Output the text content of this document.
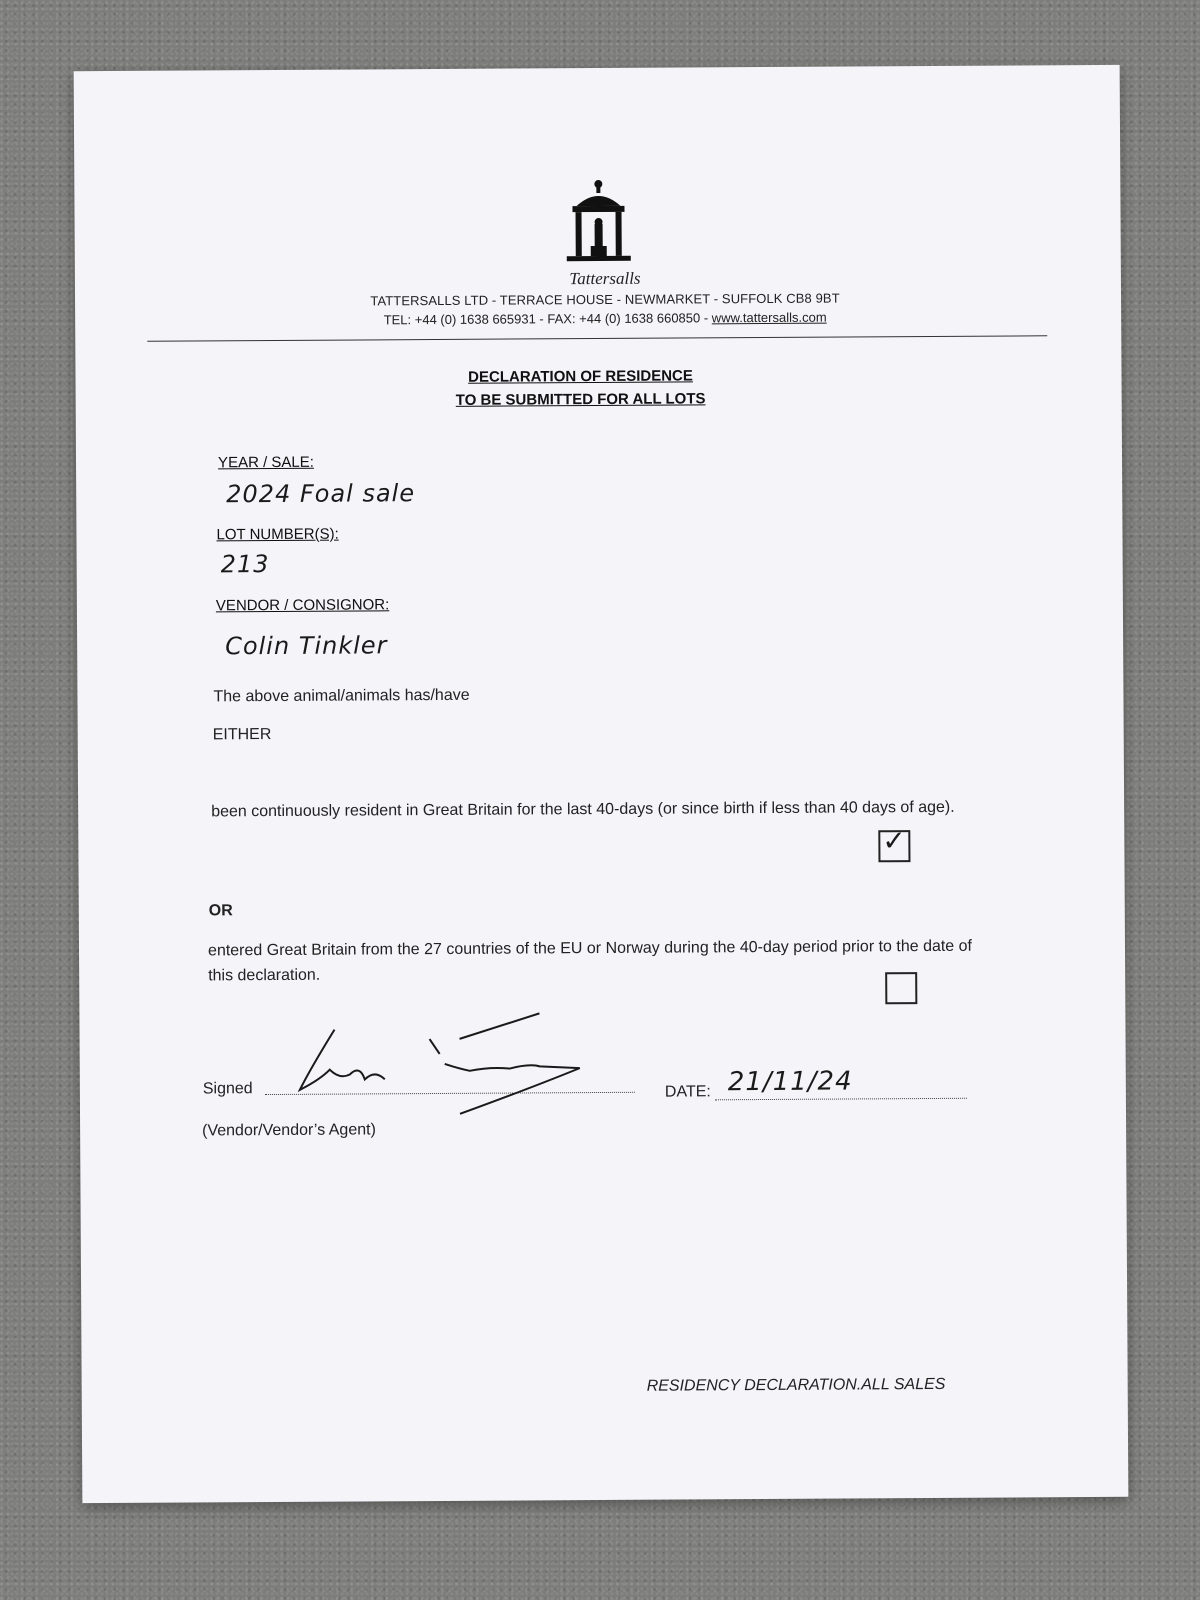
Tattersalls
TATTERSALLS LTD - TERRACE HOUSE - NEWMARKET - SUFFOLK CB8 9BT
TEL: +44 (0) 1638 665931 - FAX: +44 (0) 1638 660850 - www.tattersalls.com
DECLARATION OF RESIDENCE
TO BE SUBMITTED FOR ALL LOTS
YEAR / SALE:
2024 Foal sale
LOT NUMBER(S):
213
VENDOR / CONSIGNOR:
Colin Tinkler
The above animal/animals has/have
EITHER
been continuously resident in Great Britain for the last 40-days (or since birth if less than 40 days of age).
✓
OR
entered Great Britain from the 27 countries of the EU or Norway during the 40-day period prior to the date of this declaration.
Signed	DATE: 21/11/24
(Vendor/Vendor’s Agent)
RESIDENCY DECLARATION.ALL SALES
